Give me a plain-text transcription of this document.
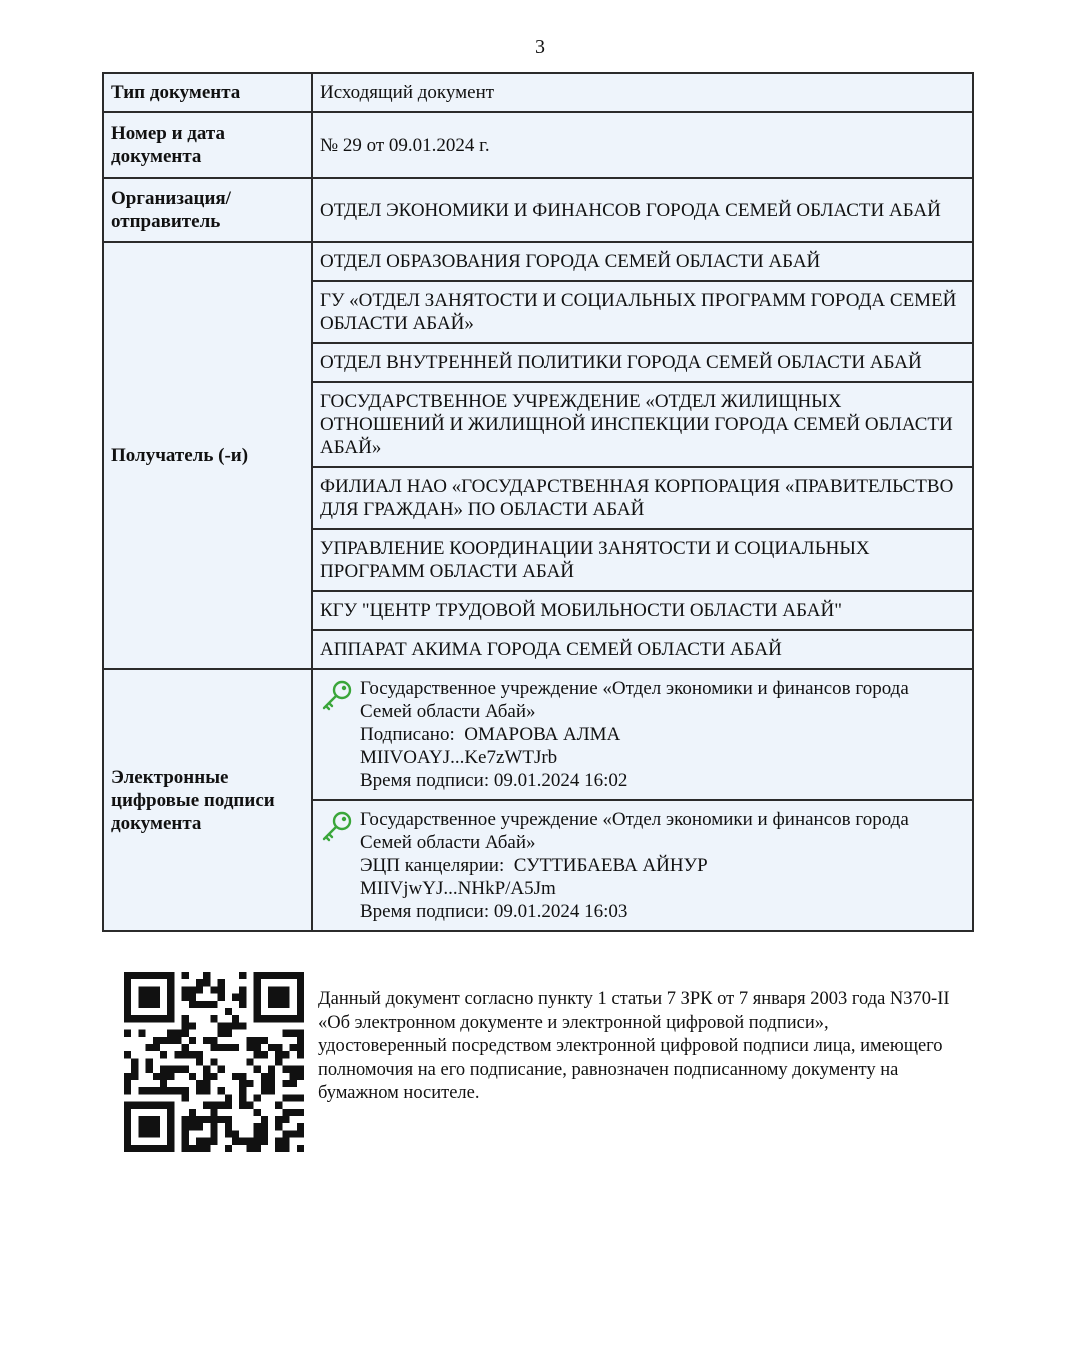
3
Тип документа	Исходящий документ
Номер и дата документа	№ 29 от 09.01.2024 г.
Организация/ отправитель	ОТДЕЛ ЭКОНОМИКИ И ФИНАНСОВ ГОРОДА СЕМЕЙ ОБЛАСТИ АБАЙ
Получатель (-и)	ОТДЕЛ ОБРАЗОВАНИЯ ГОРОДА СЕМЕЙ ОБЛАСТИ АБАЙ
	ГУ «ОТДЕЛ ЗАНЯТОСТИ И СОЦИАЛЬНЫХ ПРОГРАММ ГОРОДА СЕМЕЙ ОБЛАСТИ АБАЙ»
	ОТДЕЛ ВНУТРЕННЕЙ ПОЛИТИКИ ГОРОДА СЕМЕЙ ОБЛАСТИ АБАЙ
	ГОСУДАРСТВЕННОЕ УЧРЕЖДЕНИЕ «ОТДЕЛ ЖИЛИЩНЫХ ОТНОШЕНИЙ И ЖИЛИЩНОЙ ИНСПЕКЦИИ ГОРОДА СЕМЕЙ ОБЛАСТИ АБАЙ»
	ФИЛИАЛ НАО «ГОСУДАРСТВЕННАЯ КОРПОРАЦИЯ «ПРАВИТЕЛЬСТВО ДЛЯ ГРАЖДАН» ПО ОБЛАСТИ АБАЙ
	УПРАВЛЕНИЕ КООРДИНАЦИИ ЗАНЯТОСТИ И СОЦИАЛЬНЫХ ПРОГРАММ ОБЛАСТИ АБАЙ
	КГУ "ЦЕНТР ТРУДОВОЙ МОБИЛЬНОСТИ ОБЛАСТИ АБАЙ"
	АППАРАТ АКИМА ГОРОДА СЕМЕЙ ОБЛАСТИ АБАЙ
Электронные цифровые подписи документа	Государственное учреждение «Отдел экономики и финансов города
Семей области Абай»
Подписано:  ОМАРОВА АЛМА
MIIVOAYJ...Ke7zWTJrb
Время подписи: 09.01.2024 16:02

	Государственное учреждение «Отдел экономики и финансов города
Семей области Абай»
ЭЦП канцелярии:  СУТТИБАЕВА АЙНУР
MIIVjwYJ...NHkP/A5Jm
Время подписи: 09.01.2024 16:03
Данный документ согласно пункту 1 статьи 7 ЗРК от 7 января 2003 года N370-II «Об электронном документе и электронной цифровой подписи», удостоверенный посредством электронной цифровой подписи лица, имеющего полномочия на его подписание, равнозначен подписанному документу на бумажном носителе.
